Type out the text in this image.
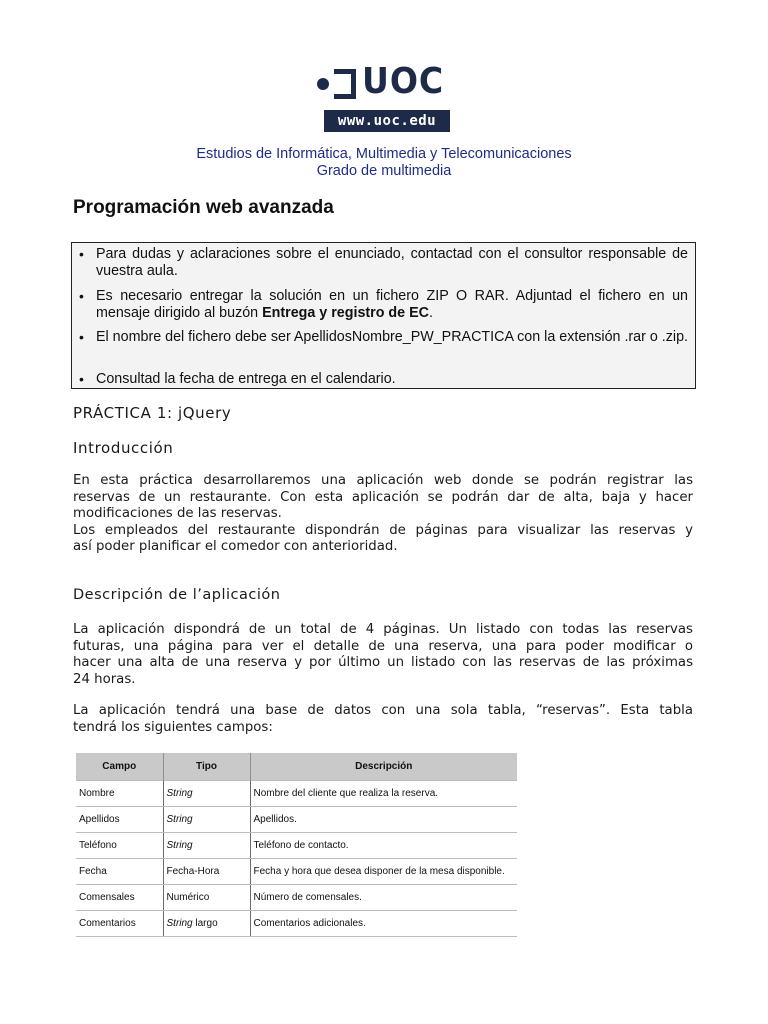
UOC
www.uoc.edu
Estudios de Informática, Multimedia y Telecomunicaciones
Grado de multimedia
Programación web avanzada
• Para dudas y aclaraciones sobre el enunciado, contactad con el consultor responsable de vuestra aula.
• Es necesario entregar la solución en un fichero ZIP O RAR. Adjuntad el fichero en un mensaje dirigido al buzón Entrega y registro de EC.
• El nombre del fichero debe ser ApellidosNombre_PW_PRACTICA con la extensión .rar o .zip.
• Consultad la fecha de entrega en el calendario.
PRÁCTICA 1: jQuery
Introducción
En esta práctica desarrollaremos una aplicación web donde se podrán registrar las
reservas de un restaurante. Con esta aplicación se podrán dar de alta, baja y hacer
modificaciones de las reservas.
Los empleados del restaurante dispondrán de páginas para visualizar las reservas y
así poder planificar el comedor con anterioridad.
Descripción de l’aplicación
La aplicación dispondrá de un total de 4 páginas. Un listado con todas las reservas
futuras, una página para ver el detalle de una reserva, una para poder modificar o
hacer una alta de una reserva y por último un listado con las reservas de las próximas
24 horas.
La aplicación tendrá una base de datos con una sola tabla, “reservas”. Esta tabla
tendrá los siguientes campos:
Campo	Tipo	Descripción
Nombre	String	Nombre del cliente que realiza la reserva.
Apellidos	String	Apellidos.
Teléfono	String	Teléfono de contacto.
Fecha	Fecha-Hora	Fecha y hora que desea disponer de la mesa disponible.
Comensales	Numérico	Número de comensales.
Comentarios	String largo	Comentarios adicionales.
